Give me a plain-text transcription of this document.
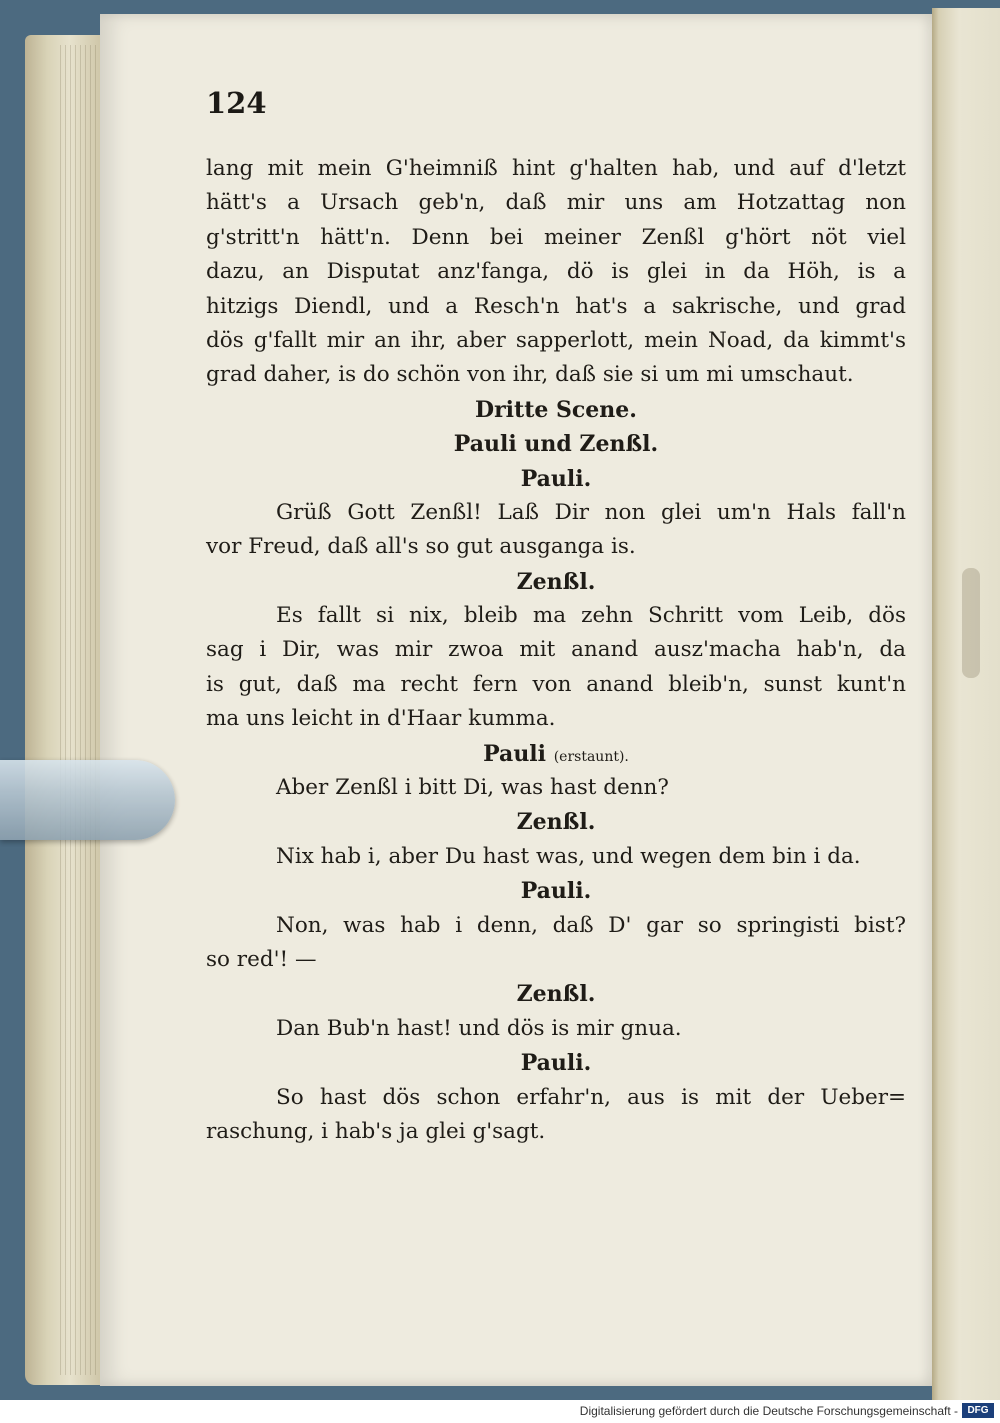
124
lang mit mein G'heimniß hint g'halten hab, und auf d'letzt
hätt's a Ursach geb'n, daß mir uns am Hotzattag non
g'stritt'n hätt'n. Denn bei meiner Zenßl g'hört nöt viel
dazu, an Disputat anz'fanga, dö is glei in da Höh, is a
hitzigs Diendl, und a Resch'n hat's a sakrische, und grad
dös g'fallt mir an ihr, aber sapperlott, mein Noad, da kimmt's
grad daher, is do schön von ihr, daß sie si um mi umschaut.
Dritte Scene.
Pauli und Zenßl.
Pauli.
Grüß Gott Zenßl! Laß Dir non glei um'n Hals fall'n
vor Freud, daß all's so gut ausganga is.
Zenßl.
Es fallt si nix, bleib ma zehn Schritt vom Leib, dös
sag i Dir, was mir zwoa mit anand ausz'macha hab'n, da
is gut, daß ma recht fern von anand bleib'n, sunst kunt'n
ma uns leicht in d'Haar kumma.
Pauli (erstaunt).
Aber Zenßl i bitt Di, was hast denn?
Zenßl.
Nix hab i, aber Du hast was, und wegen dem bin i da.
Pauli.
Non, was hab i denn, daß D' gar so springisti bist?
so red'! —
Zenßl.
Dan Bub'n hast! und dös is mir gnua.
Pauli.
So hast dös schon erfahr'n, aus is mit der Ueber=
raschung, i hab's ja glei g'sagt.
Digitalisierung gefördert durch die Deutsche Forschungsgemeinschaft - DFG
